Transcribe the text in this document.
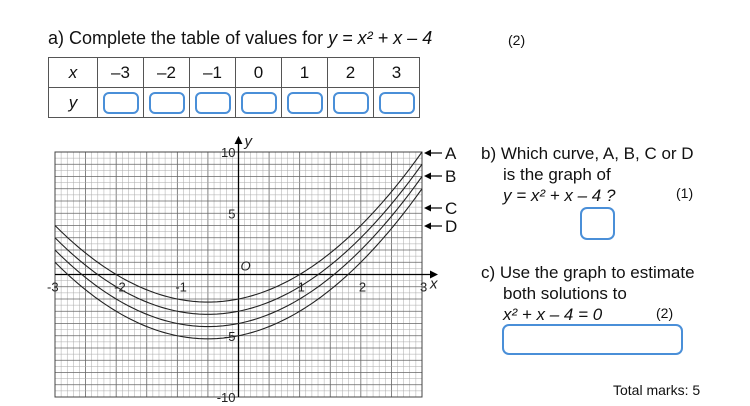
a) Complete the table of values for y = x² + x – 4	(2)
x	–3	–2	–1	0	1	2	3
y							
-3	-2	-1	1	2	3
10
5
-5
-10
O
y
x
A
B
C
D
b) Which curve, A, B, C or D
is the graph of
y = x² + x – 4 ?	(1)
c) Use the graph to estimate
both solutions to
x² + x – 4 = 0	(2)
Total marks: 5
